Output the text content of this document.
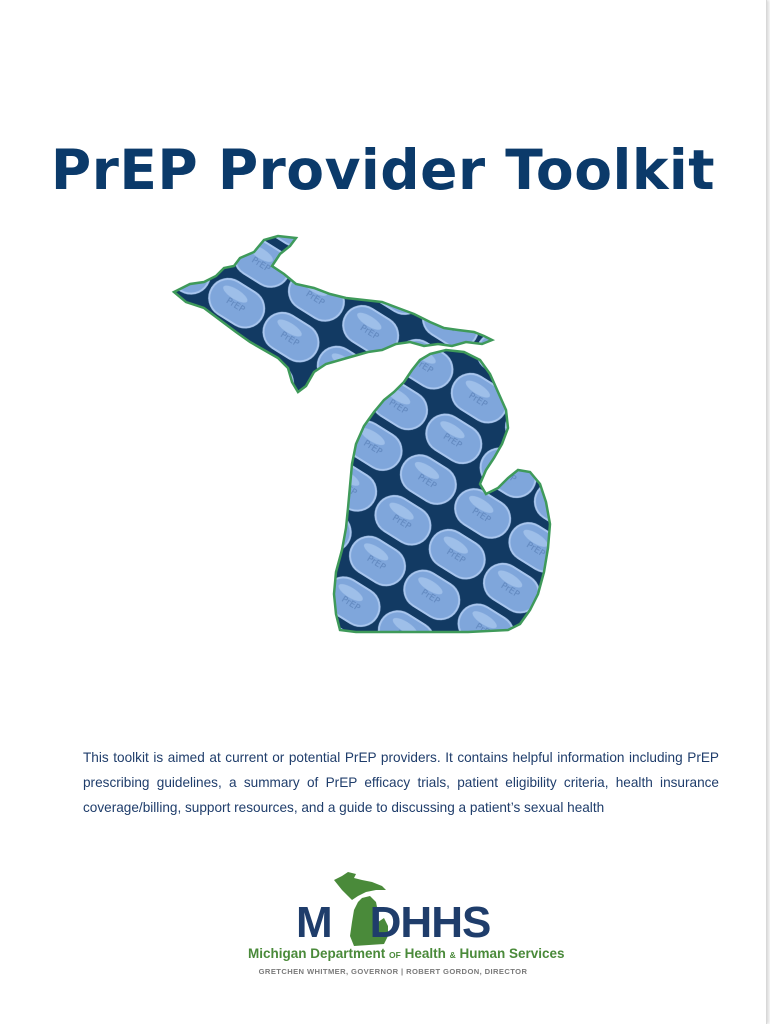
PrEP Provider Toolkit
This toolkit is aimed at current or potential PrEP providers. It contains helpful information including PrEP prescribing guidelines, a summary of PrEP efficacy trials, patient eligibility criteria, health insurance coverage/billing, support resources, and a guide to discussing a patient’s sexual health
M DHHS
Michigan Department OF Health & Human Services
GRETCHEN WHITMER, GOVERNOR | ROBERT GORDON, DIRECTOR
